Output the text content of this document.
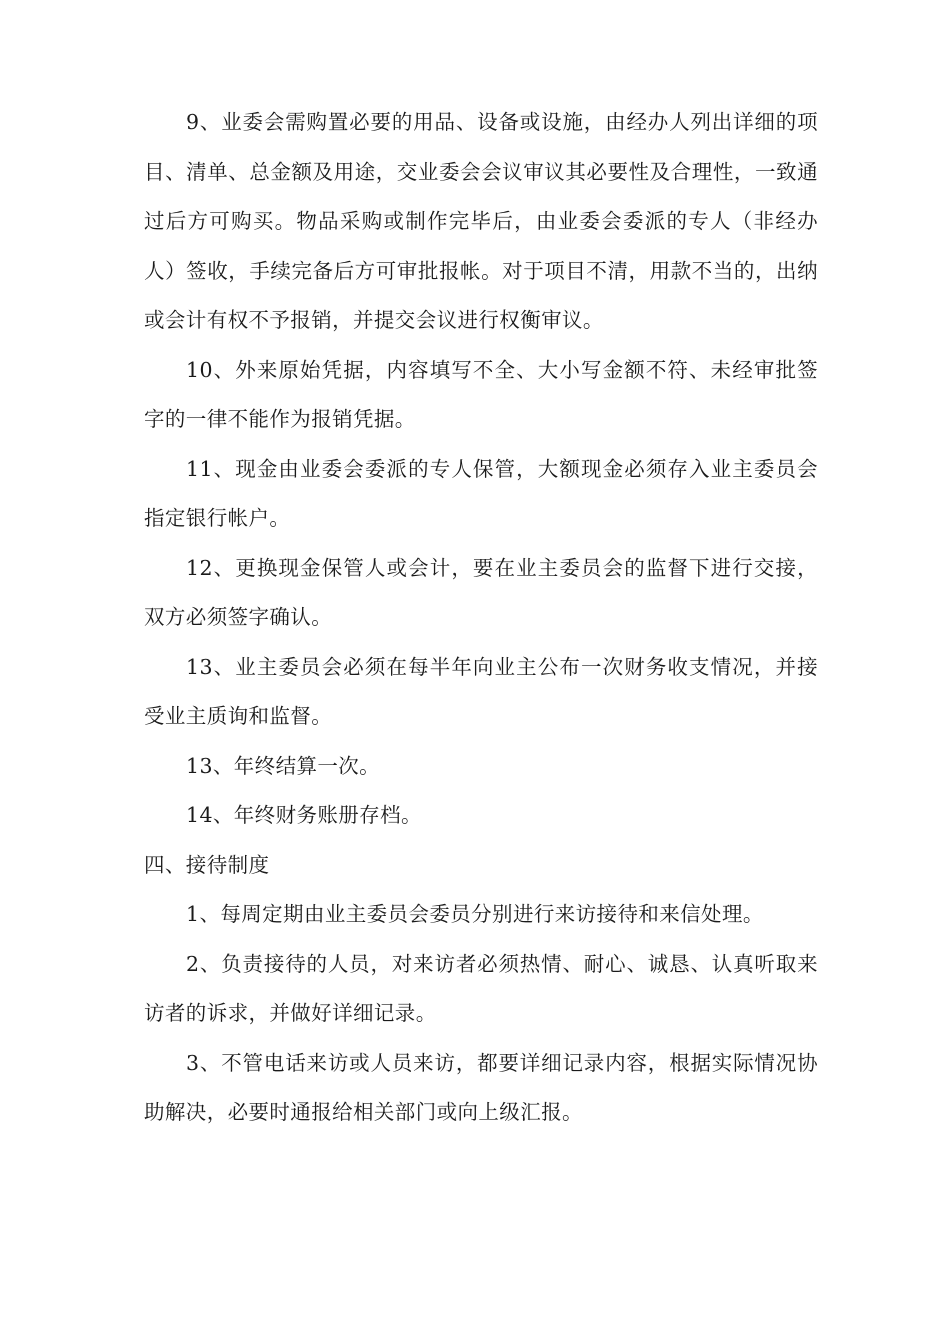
9、业委会需购置必要的用品、设备或设施，由经办人列出详细的项目、清单、总金额及用途，交业委会会议审议其必要性及合理性，一致通过后方可购买。物品采购或制作完毕后，由业委会委派的专人（非经办人）签收，手续完备后方可审批报帐。对于项目不清，用款不当的，出纳或会计有权不予报销，并提交会议进行权衡审议。

10、外来原始凭据，内容填写不全、大小写金额不符、未经审批签字的一律不能作为报销凭据。

11、现金由业委会委派的专人保管，大额现金必须存入业主委员会指定银行帐户。

12、更换现金保管人或会计，要在业主委员会的监督下进行交接，双方必须签字确认。

13、业主委员会必须在每半年向业主公布一次财务收支情况，并接受业主质询和监督。

13、年终结算一次。

14、年终财务账册存档。

四、接待制度

1、每周定期由业主委员会委员分别进行来访接待和来信处理。

2、负责接待的人员，对来访者必须热情、耐心、诚恳、认真听取来访者的诉求，并做好详细记录。

3、不管电话来访或人员来访，都要详细记录内容，根据实际情况协助解决，必要时通报给相关部门或向上级汇报。
